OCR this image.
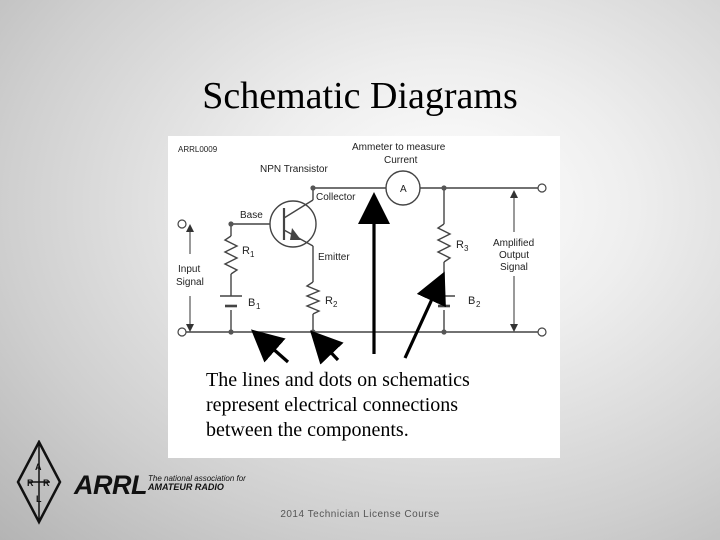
Schematic Diagrams
ARRL0009
A
Ammeter to measure
Current
NPN Transistor
Collector
Base
Emitter
R 1
B 1	R 2
R 3
B 2
Input
Signal
Amplified
Output
Signal
The lines and dots on schematics
represent electrical connections
between the components.
A
R R
L ARRL The national association for
AMATEUR RADIO
2014 Technician License Course
